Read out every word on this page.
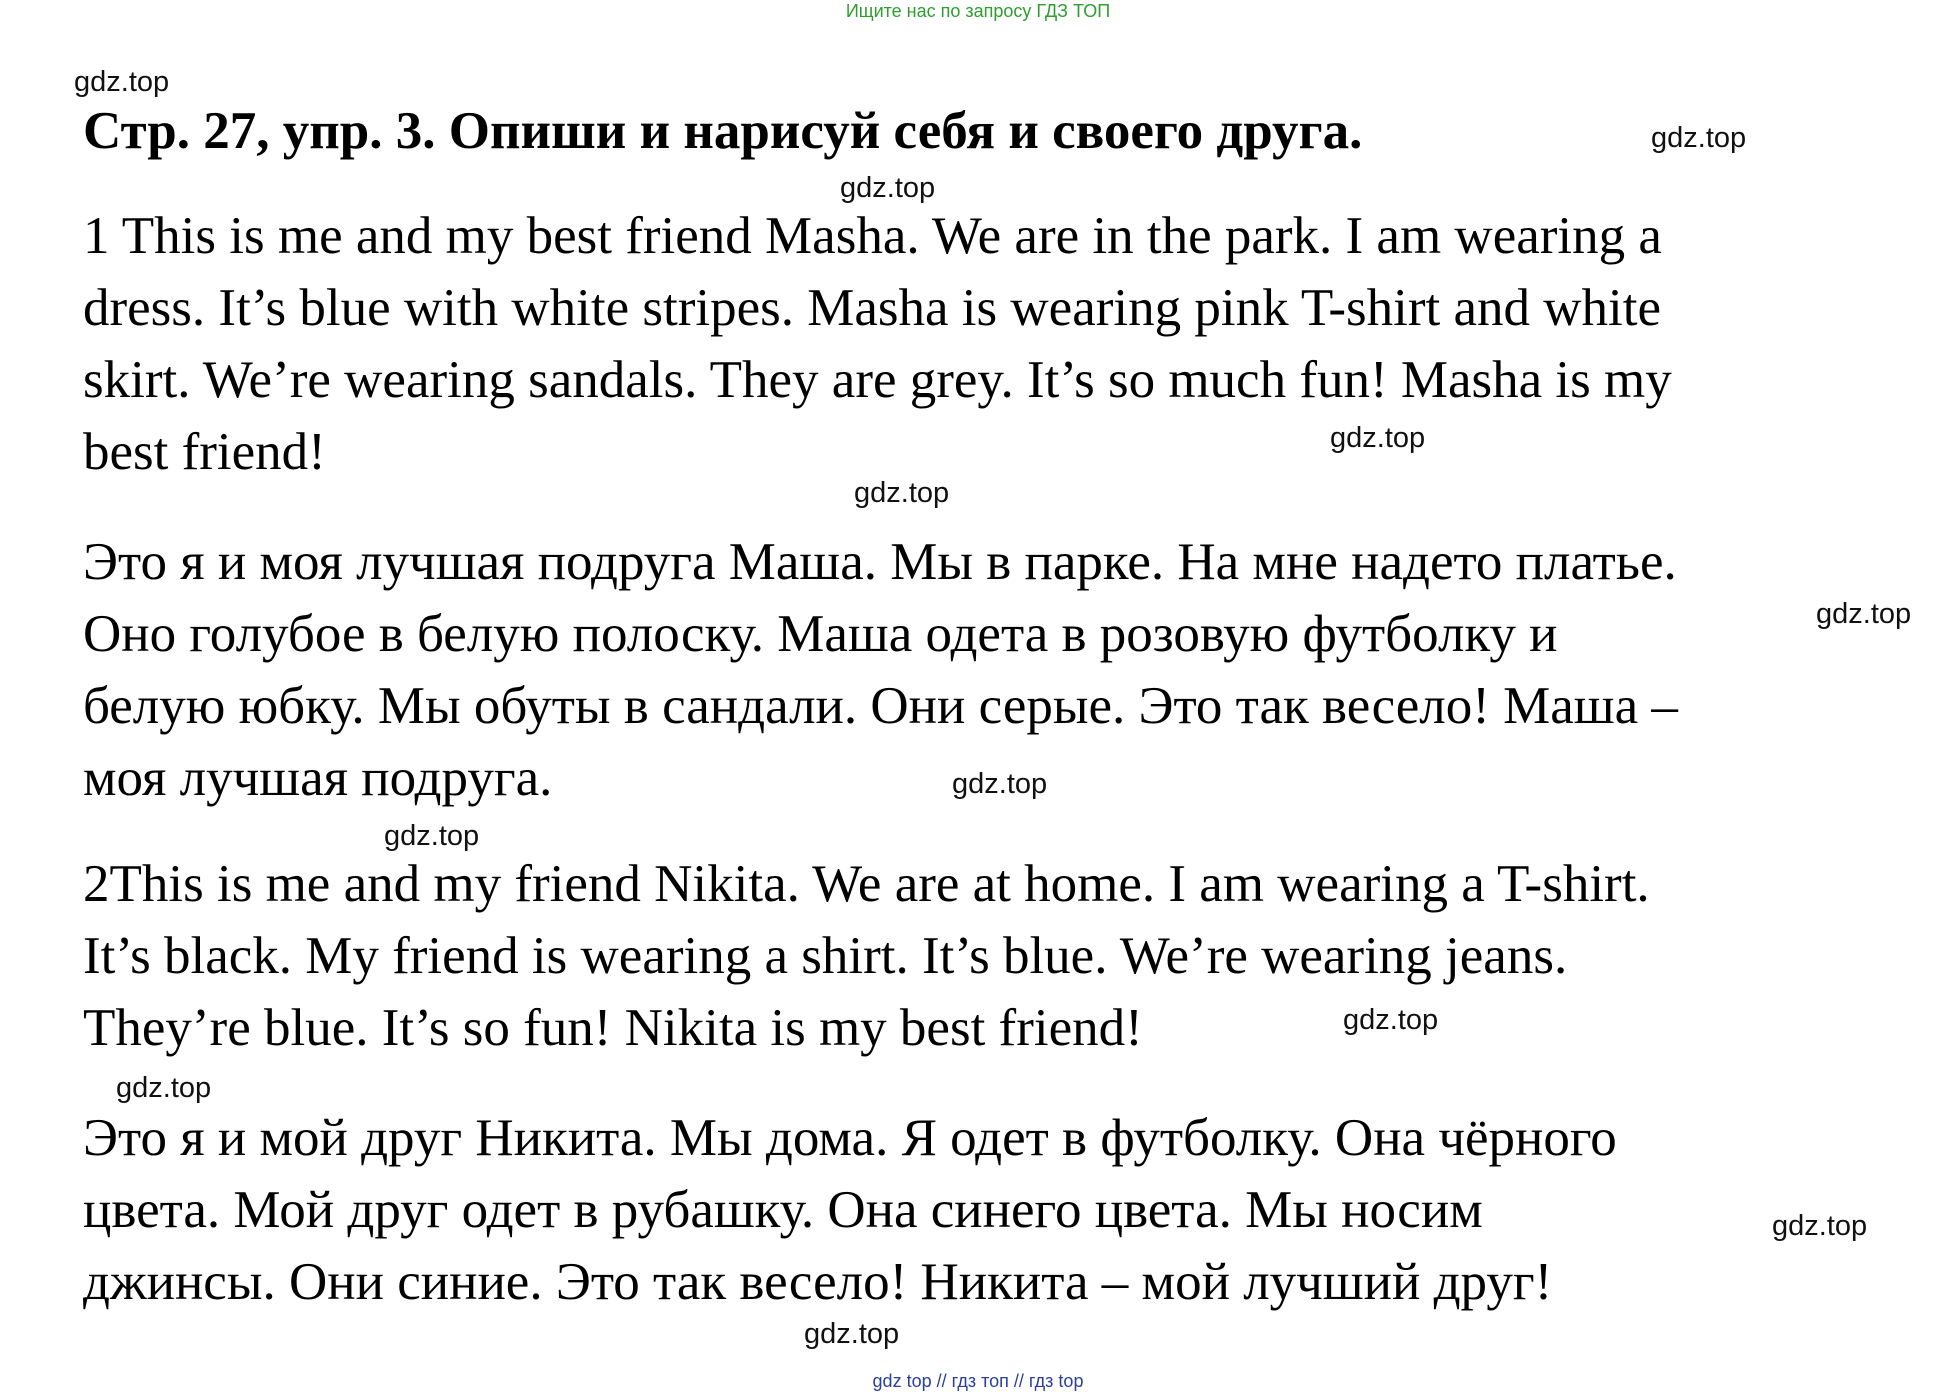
Ищите нас по запросу ГДЗ ТОП
Стр. 27, упр. 3. Опиши и нарисуй себя и своего друга.
1 This is me and my best friend Masha. We are in the park. I am wearing a
dress. It’s blue with white stripes. Masha is wearing pink T-shirt and white
skirt. We’re wearing sandals. They are grey. It’s so much fun! Masha is my
best friend!
Это я и моя лучшая подруга Маша. Мы в парке. На мне надето платье.
Оно голубое в белую полоску. Маша одета в розовую футболку и
белую юбку. Мы обуты в сандали. Они серые. Это так весело! Маша –
моя лучшая подруга.
2This is me and my friend Nikita. We are at home. I am wearing a T-shirt.
It’s black. My friend is wearing a shirt. It’s blue. We’re wearing jeans.
They’re blue. It’s so fun! Nikita is my best friend!
Это я и мой друг Никита. Мы дома. Я одет в футболку. Она чёрного
цвета. Мой друг одет в рубашку. Она синего цвета. Мы носим
джинсы. Они синие. Это так весело! Никита – мой лучший друг!
gdz.top
gdz.top
gdz.top
gdz.top
gdz.top
gdz.top
gdz.top
gdz.top
gdz.top
gdz.top
gdz.top
gdz.top
gdz top // гдз топ // гдз top
